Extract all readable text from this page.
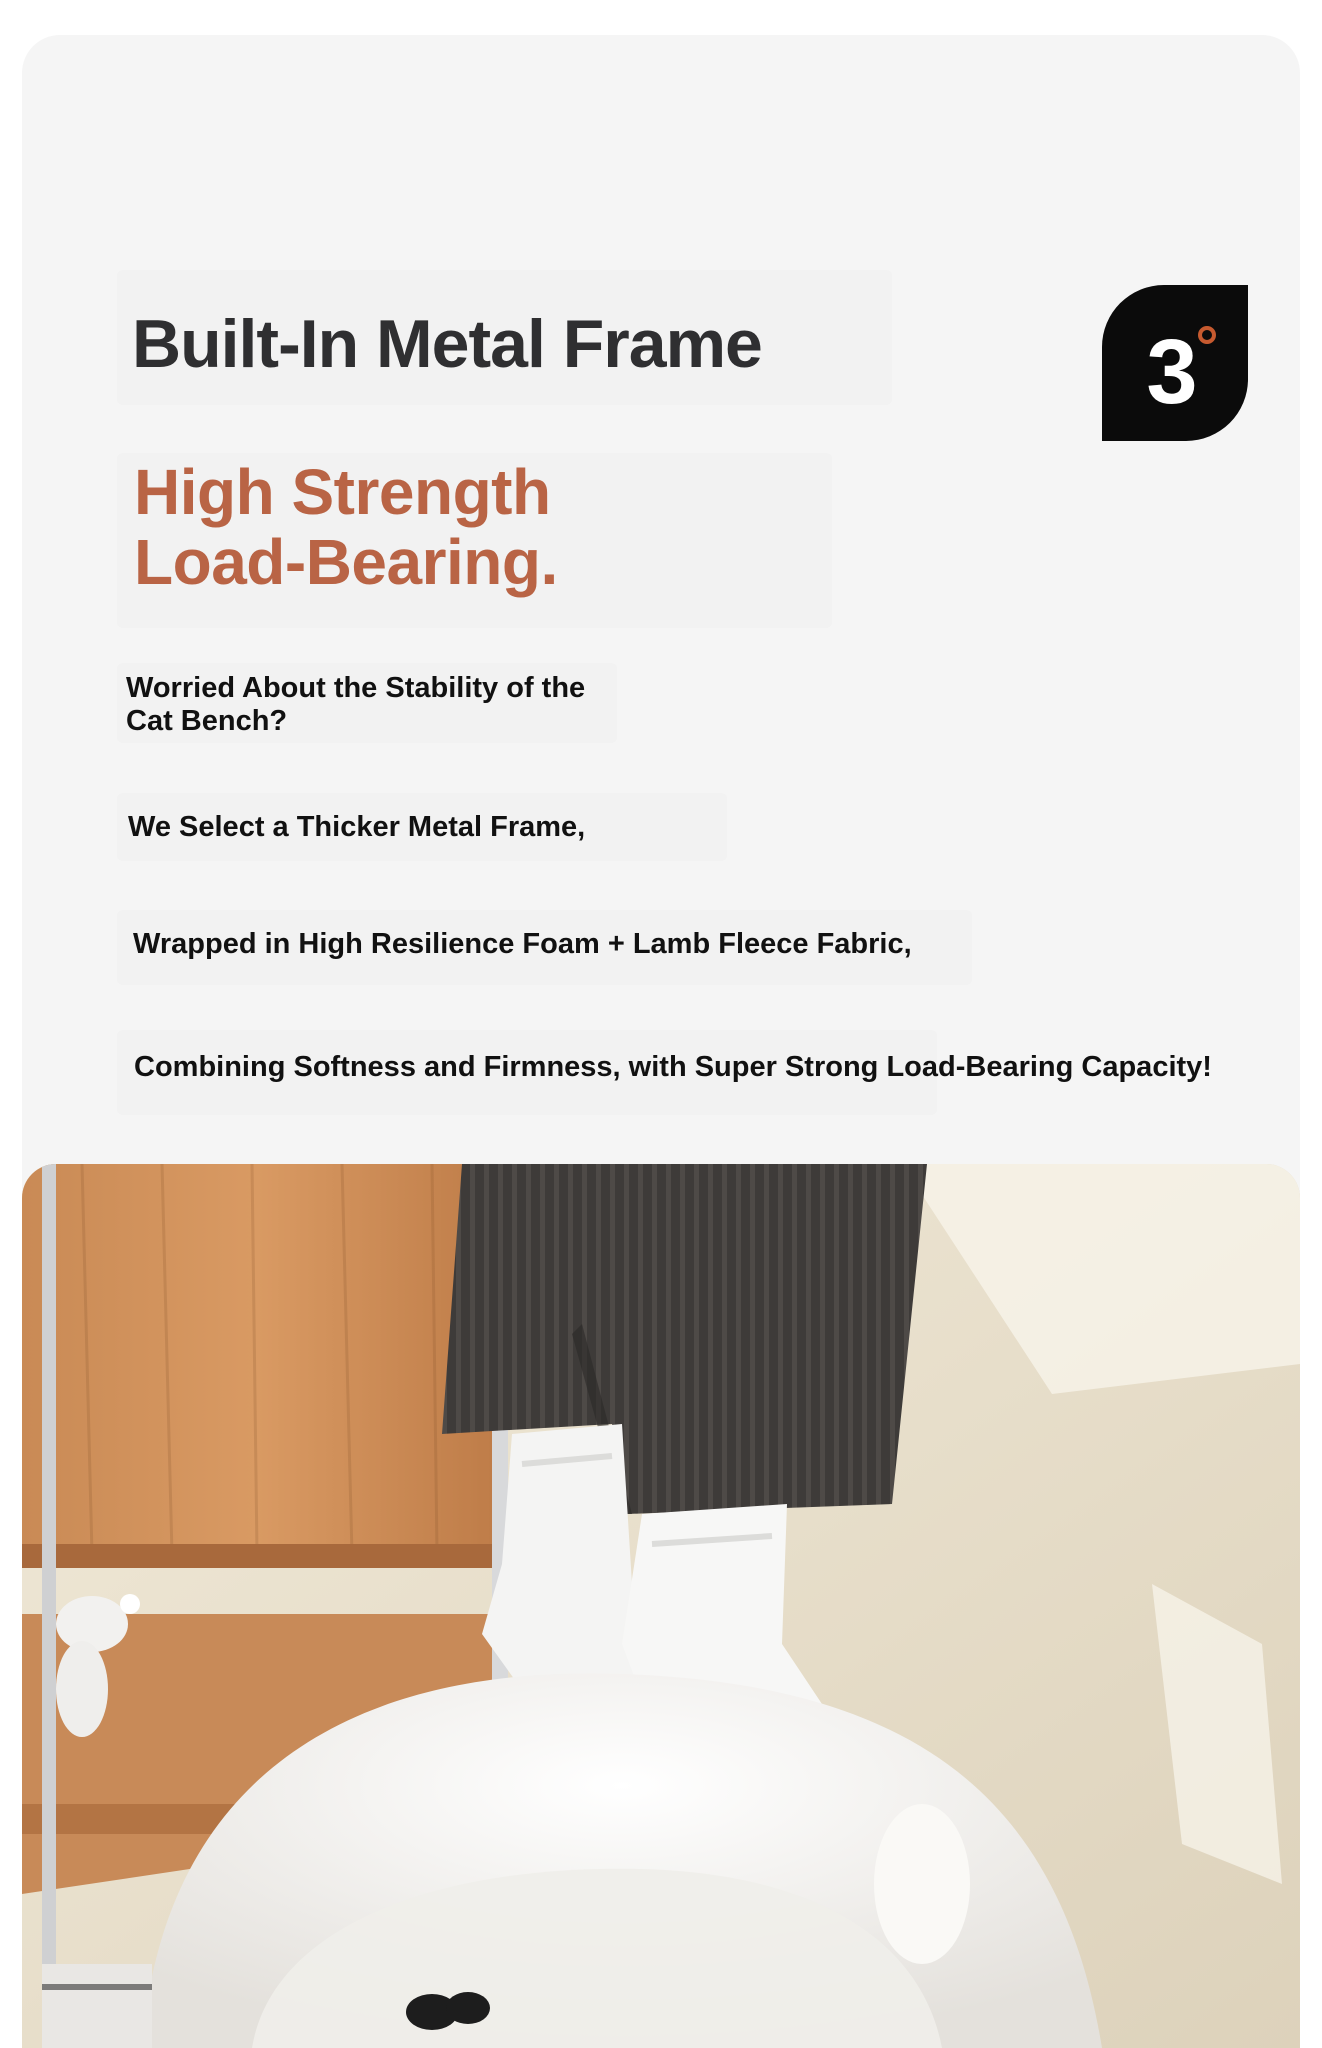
Built-In Metal Frame
High Strength
Load-Bearing.

Worried About the Stability of the
Cat Bench?

We Select a Thicker Metal Frame,

Wrapped in High Resilience Foam + Lamb Fleece Fabric,

Combining Softness and Firmness, with Super Strong Load-Bearing Capacity!

3
